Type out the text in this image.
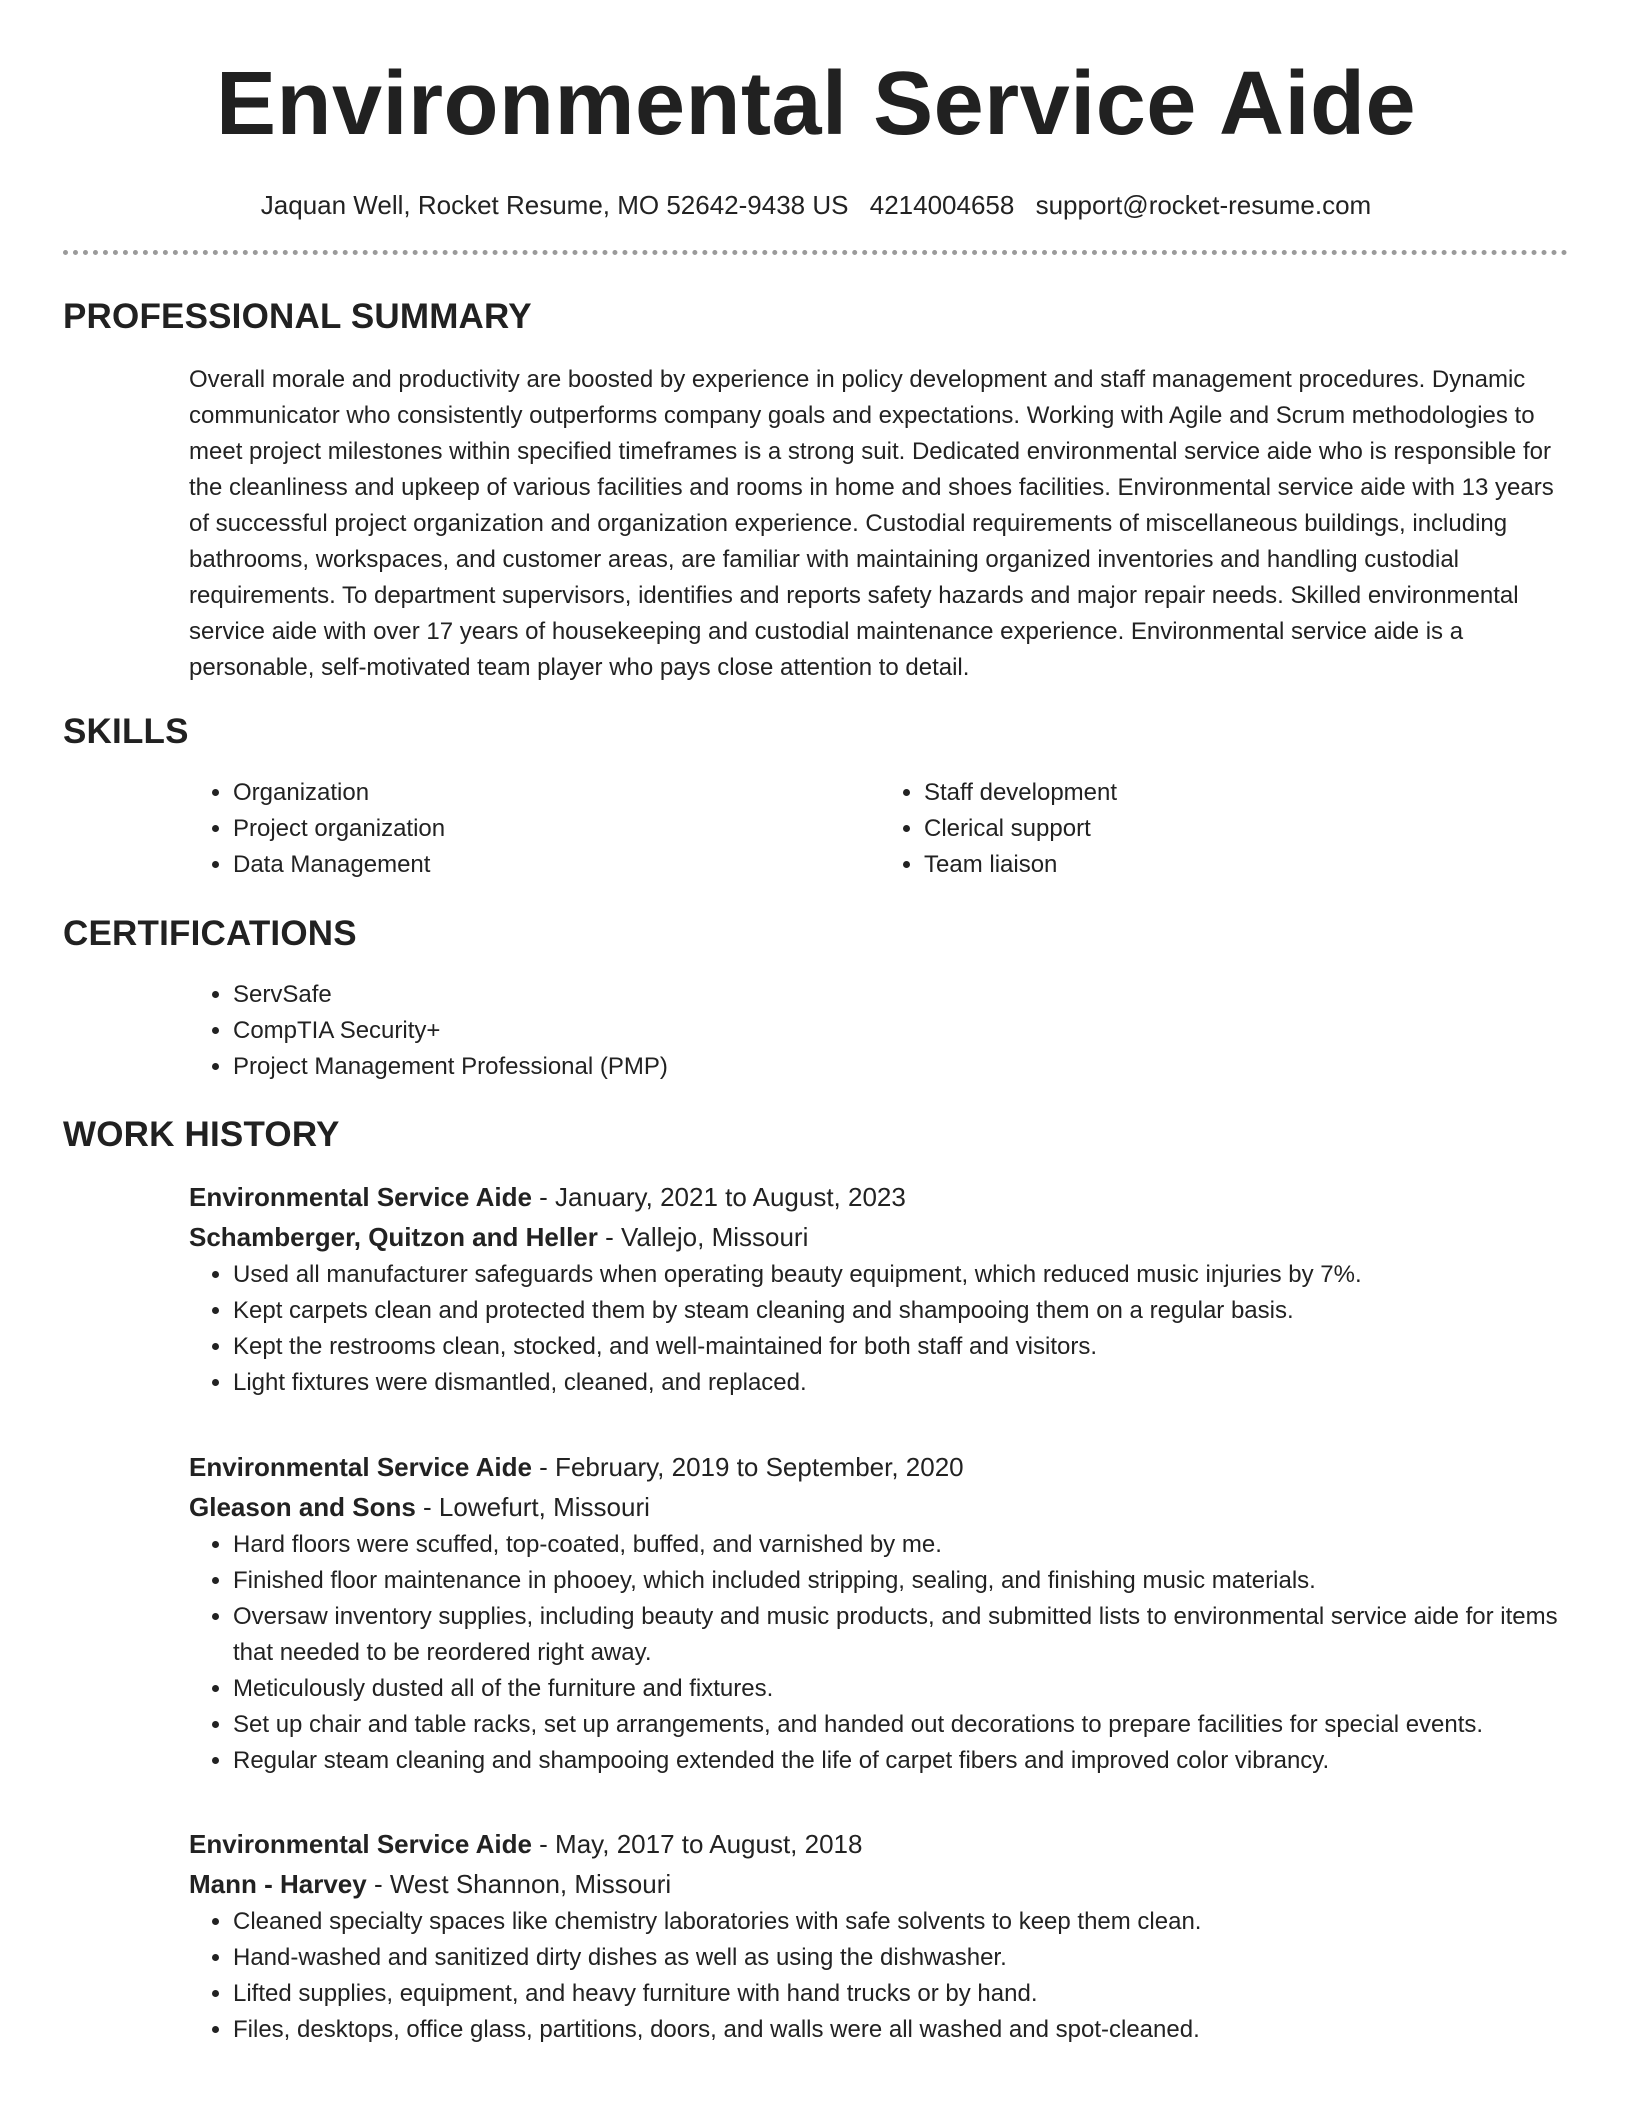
Environmental Service Aide
Jaquan Well, Rocket Resume, MO 52642-9438 US 4214004658 support@rocket-resume.com
PROFESSIONAL SUMMARY

Overall morale and productivity are boosted by experience in policy development and staff management procedures. Dynamic communicator who consistently outperforms company goals and expectations. Working with Agile and Scrum methodologies to meet project milestones within specified timeframes is a strong suit. Dedicated environmental service aide who is responsible for the cleanliness and upkeep of various facilities and rooms in home and shoes facilities. Environmental service aide with 13 years of successful project organization and organization experience. Custodial requirements of miscellaneous buildings, including bathrooms, workspaces, and customer areas, are familiar with maintaining organized inventories and handling custodial requirements. To department supervisors, identifies and reports safety hazards and major repair needs. Skilled environmental service aide with over 17 years of housekeeping and custodial maintenance experience. Environmental service aide is a personable, self-motivated team player who pays close attention to detail.

SKILLS
• Organization
• Project organization
• Data Management
• Staff development
• Clerical support
• Team liaison
CERTIFICATIONS
• ServSafe
• CompTIA Security+
• Project Management Professional (PMP)
WORK HISTORY
Environmental Service Aide - January, 2021 to August, 2023
Schamberger, Quitzon and Heller - Vallejo, Missouri
• Used all manufacturer safeguards when operating beauty equipment, which reduced music injuries by 7%.
• Kept carpets clean and protected them by steam cleaning and shampooing them on a regular basis.
• Kept the restrooms clean, stocked, and well-maintained for both staff and visitors.
• Light fixtures were dismantled, cleaned, and replaced.
Environmental Service Aide - February, 2019 to September, 2020
Gleason and Sons - Lowefurt, Missouri
• Hard floors were scuffed, top-coated, buffed, and varnished by me.
• Finished floor maintenance in phooey, which included stripping, sealing, and finishing music materials.
• Oversaw inventory supplies, including beauty and music products, and submitted lists to environmental service aide for items that needed to be reordered right away.
• Meticulously dusted all of the furniture and fixtures.
• Set up chair and table racks, set up arrangements, and handed out decorations to prepare facilities for special events.
• Regular steam cleaning and shampooing extended the life of carpet fibers and improved color vibrancy.
Environmental Service Aide - May, 2017 to August, 2018
Mann - Harvey - West Shannon, Missouri
• Cleaned specialty spaces like chemistry laboratories with safe solvents to keep them clean.
• Hand-washed and sanitized dirty dishes as well as using the dishwasher.
• Lifted supplies, equipment, and heavy furniture with hand trucks or by hand.
• Files, desktops, office glass, partitions, doors, and walls were all washed and spot-cleaned.
